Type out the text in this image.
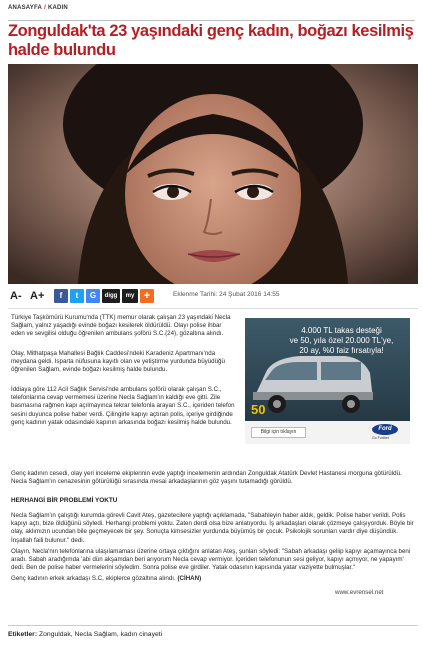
ANASAYFA / KADIN
Zonguldak'ta 23 yaşındaki genç kadın, boğazı kesilmiş halde bulundu
A- A+	f	t	G	digg	my +	Eklenme Tarihi: 24 Şubat 2016 14:55

Türkiye Taşkömürü Kurumu'nda (TTK) memur olarak çalışan 23 yaşındaki Necla Sağlam, yalnız yaşadığı evinde boğazı kesilerek öldürüldü. Olayı polise ihbar eden ve sevgilisi olduğu öğrenilen ambulans şoförü S.C.(24), gözaltına alındı.

Olay, Mithatpaşa Mahallesi Bağlık Caddesi'ndeki Karadeniz Apartmanı'nda meydana geldi. Isparta nüfusuna kayıtlı olan ve yetiştirme yurdunda büyüdüğü öğrenilen Sağlam, evinde boğazı kesilmiş halde bulundu.

İddiaya göre 112 Acil Sağlık Servisi'nde ambulans şoförü olarak çalışan S.C., telefonlarına cevap vermemesi üzerine Necla Sağlam'ın kaldığı eve gitti. Zile basmasına rağmen kapı açılmayınca tekrar telefonla arayan S.C., içeriden telefon sesini duyunca polise haber verdi. Çilingirle kapıyı açtıran polis, içeriye girdiğinde genç kadının yatak odasındaki kapının arkasında boğazı kesilmiş halde bulundu.

4.000 TL takas desteği
ve 50, yıla özel 20.000 TL'ye,
20 ay, %0 faiz fırsatıyla!
50
Bilgi için tıklayın	Ford
Go Further

Genç kadının cesedi, olay yeri inceleme ekiplerinin evde yaptığı incelemenin ardından Zonguldak Atatürk Devlet Hastanesi morguna götürüldü. Necla Sağlam'ın cenazesinin götürülüğü sırasında mesai arkadaşlarının göz yaşını tutamadığı görüldü.

HERHANGİ BİR PROBLEMİ YOKTU

Necla Sağlam'ın çalıştığı kurumda görevli Cavit Ateş, gazetecilere yaptığı açıklamada, "Sabahleyin haber aldık, geldik. Polise haber verildi. Polis kapıyı açtı, bize öldüğünü söyledi. Herhangi problemi yoktu. Zaten derdi olsa bize anlatıyordu. İş arkadaşları olarak çözmeye çalışıyorduk. Böyle bir olay, aklımızın ucundan bile geçmeyecek bir şey. Sonuçta kimsesizler yurdunda büyümüş bir çocuk. Psikolojik sorunları vardır diye düşündük. İnşallah faili bulunur." dedi.

Olayın, Necla'nın telefonlarına ulaşılamaması üzerine ortaya çıktığını anlatan Ateş, şunları söyledi: "Sabah arkadaşı geliip kapıyı açamayınca beni aradı. Sabah aradığımda 'abi dün akşamdan beri arıyorum Necla cevap vermiyor. İçeriden telefonunun sesi geliyor, kapıyı açmıyor, ne yapayım' dedi. Ben de polise haber vermelerini söyledim. Sonra polise eve girdiler. Yatak odasının kapısında yatar vaziyette bulmuşlar."

Genç kadının erkek arkadaşı S.C, ekiplerce gözaltına alındı. (CİHAN)

www.evrensel.net
Etiketler: Zonguldak, Necla Sağlam, kadın cinayeti
